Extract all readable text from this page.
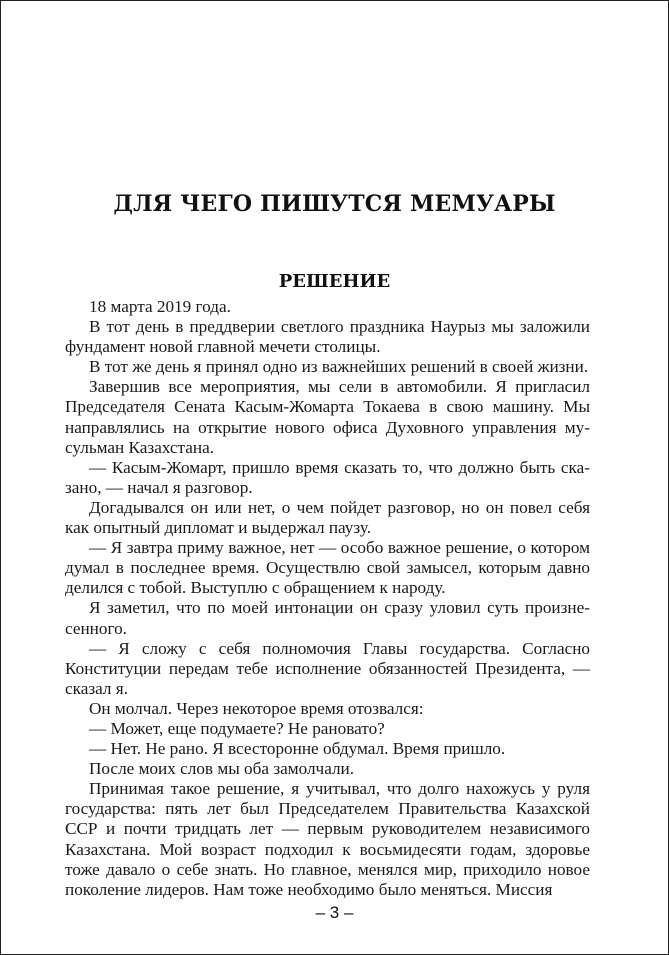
ДЛЯ ЧЕГО ПИШУТСЯ МЕМУАРЫ
РЕШЕНИЕ

18 марта 2019 года.

В тот день в преддверии светлого праздника Наурыз мы заложили фундамент новой главной мечети столицы.

В тот же день я принял одно из важнейших решений в своей жизни.

Завершив все мероприятия, мы сели в автомобили. Я пригласил Председателя Сената Касым-Жомарта Токаева в свою машину. Мы направлялись на открытие нового офиса Духовного управления мусульман Казахстана.

— Касым-Жомарт, пришло время сказать то, что должно быть сказано, — начал я разговор.

Догадывался он или нет, о чем пойдет разговор, но он повел себя как опытный дипломат и выдержал паузу.

— Я завтра приму важное, нет — особо важное решение, о котором думал в последнее время. Осуществлю свой замысел, которым давно делился с тобой. Выступлю с обращением к народу.

Я заметил, что по моей интонации он сразу уловил суть произнесенного.

— Я сложу с себя полномочия Главы государства. Согласно Конституции передам тебе исполнение обязанностей Президента, — сказал я.

Он молчал. Через некоторое время отозвался:

— Может, еще подумаете? Не рановато?

— Нет. Не рано. Я всесторонне обдумал. Время пришло.

После моих слов мы оба замолчали.

Принимая такое решение, я учитывал, что долго нахожусь у руля государства: пять лет был Председателем Правительства Казахской ССР и почти тридцать лет — первым руководителем независимого Казахстана. Мой возраст подходил к восьмидесяти годам, здоровье тоже давало о себе знать. Но главное, менялся мир, приходило новое поколение лидеров. Нам тоже необходимо было меняться. Миссия

– 3 –
